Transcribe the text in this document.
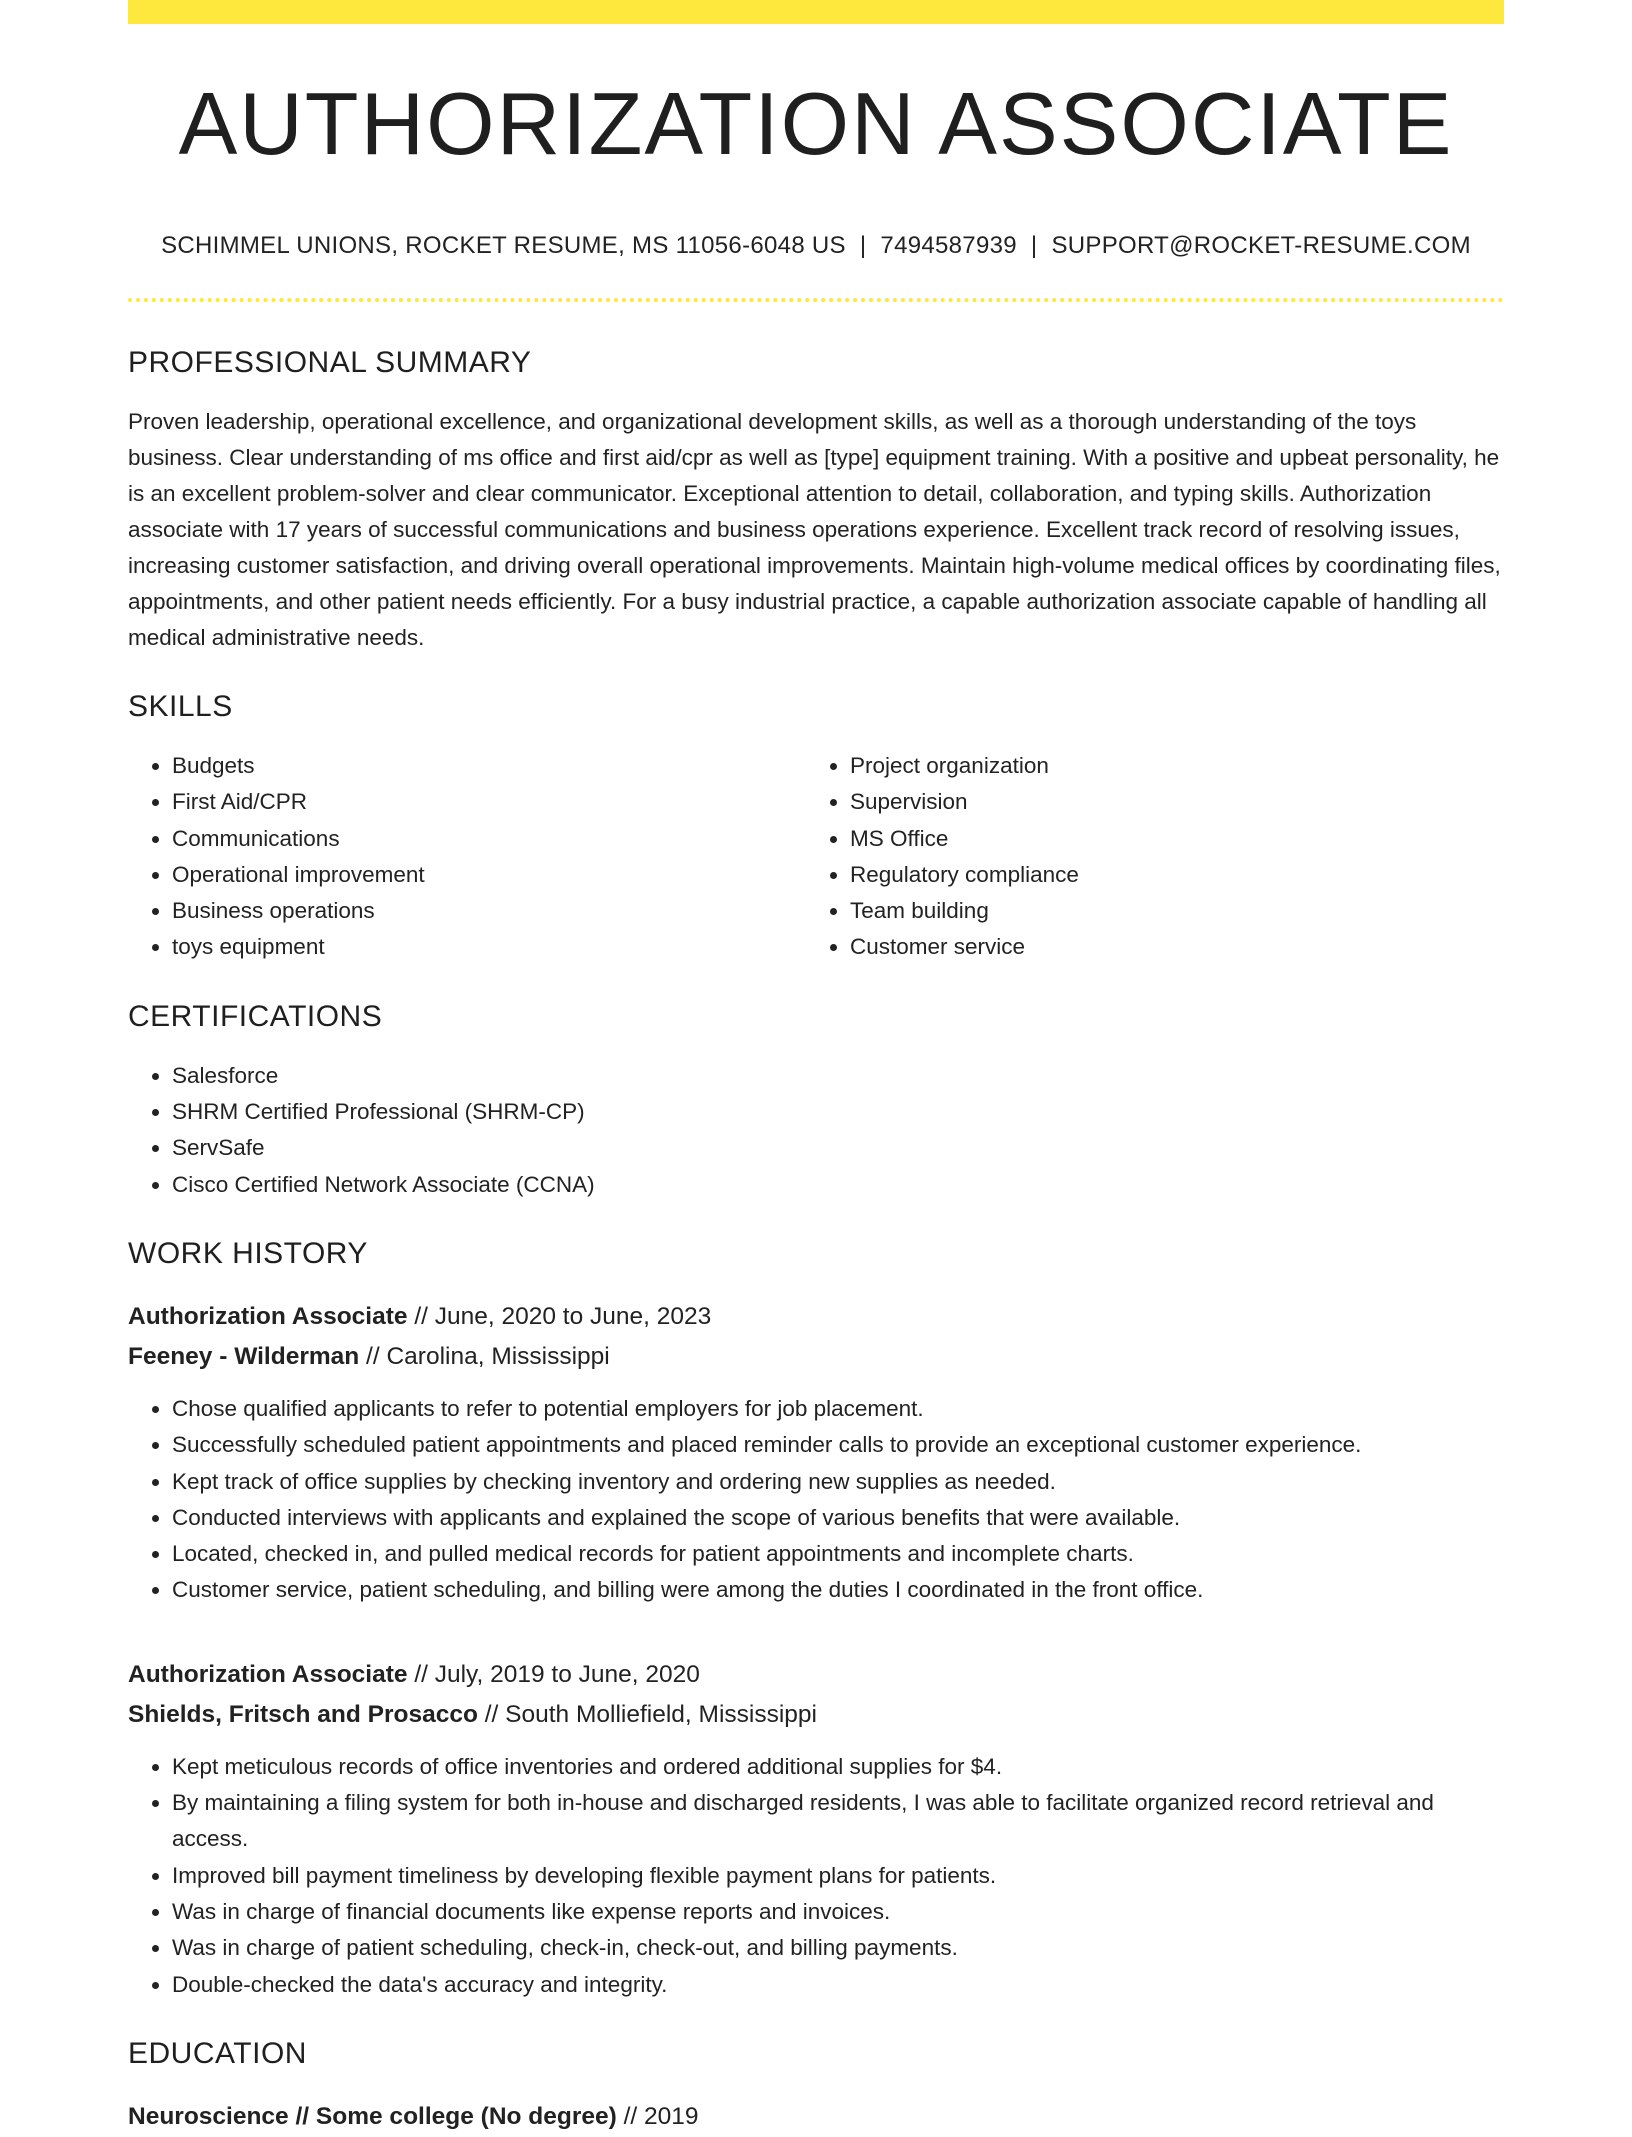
AUTHORIZATION ASSOCIATE
SCHIMMEL UNIONS, ROCKET RESUME, MS 11056-6048 US | 7494587939 | SUPPORT@ROCKET-RESUME.COM
PROFESSIONAL SUMMARY

Proven leadership, operational excellence, and organizational development skills, as well as a thorough understanding of the toys business. Clear understanding of ms office and first aid/cpr as well as [type] equipment training. With a positive and upbeat personality, he is an excellent problem-solver and clear communicator. Exceptional attention to detail, collaboration, and typing skills. Authorization associate with 17 years of successful communications and business operations experience. Excellent track record of resolving issues, increasing customer satisfaction, and driving overall operational improvements. Maintain high-volume medical offices by coordinating files, appointments, and other patient needs efficiently. For a busy industrial practice, a capable authorization associate capable of handling all medical administrative needs.

SKILLS
• Budgets
• First Aid/CPR
• Communications
• Operational improvement
• Business operations
• toys equipment
• Project organization
• Supervision
• MS Office
• Regulatory compliance
• Team building
• Customer service
CERTIFICATIONS
• Salesforce
• SHRM Certified Professional (SHRM-CP)
• ServSafe
• Cisco Certified Network Associate (CCNA)
WORK HISTORY
Authorization Associate // June, 2020 to June, 2023
Feeney - Wilderman // Carolina, Mississippi
• Chose qualified applicants to refer to potential employers for job placement.
• Successfully scheduled patient appointments and placed reminder calls to provide an exceptional customer experience.
• Kept track of office supplies by checking inventory and ordering new supplies as needed.
• Conducted interviews with applicants and explained the scope of various benefits that were available.
• Located, checked in, and pulled medical records for patient appointments and incomplete charts.
• Customer service, patient scheduling, and billing were among the duties I coordinated in the front office.
Authorization Associate // July, 2019 to June, 2020
Shields, Fritsch and Prosacco // South Molliefield, Mississippi
• Kept meticulous records of office inventories and ordered additional supplies for $4.
• By maintaining a filing system for both in-house and discharged residents, I was able to facilitate organized record retrieval and access.
• Improved bill payment timeliness by developing flexible payment plans for patients.
• Was in charge of financial documents like expense reports and invoices.
• Was in charge of patient scheduling, check-in, check-out, and billing payments.
• Double-checked the data's accuracy and integrity.
EDUCATION
Neuroscience // Some college (No degree) // 2019
